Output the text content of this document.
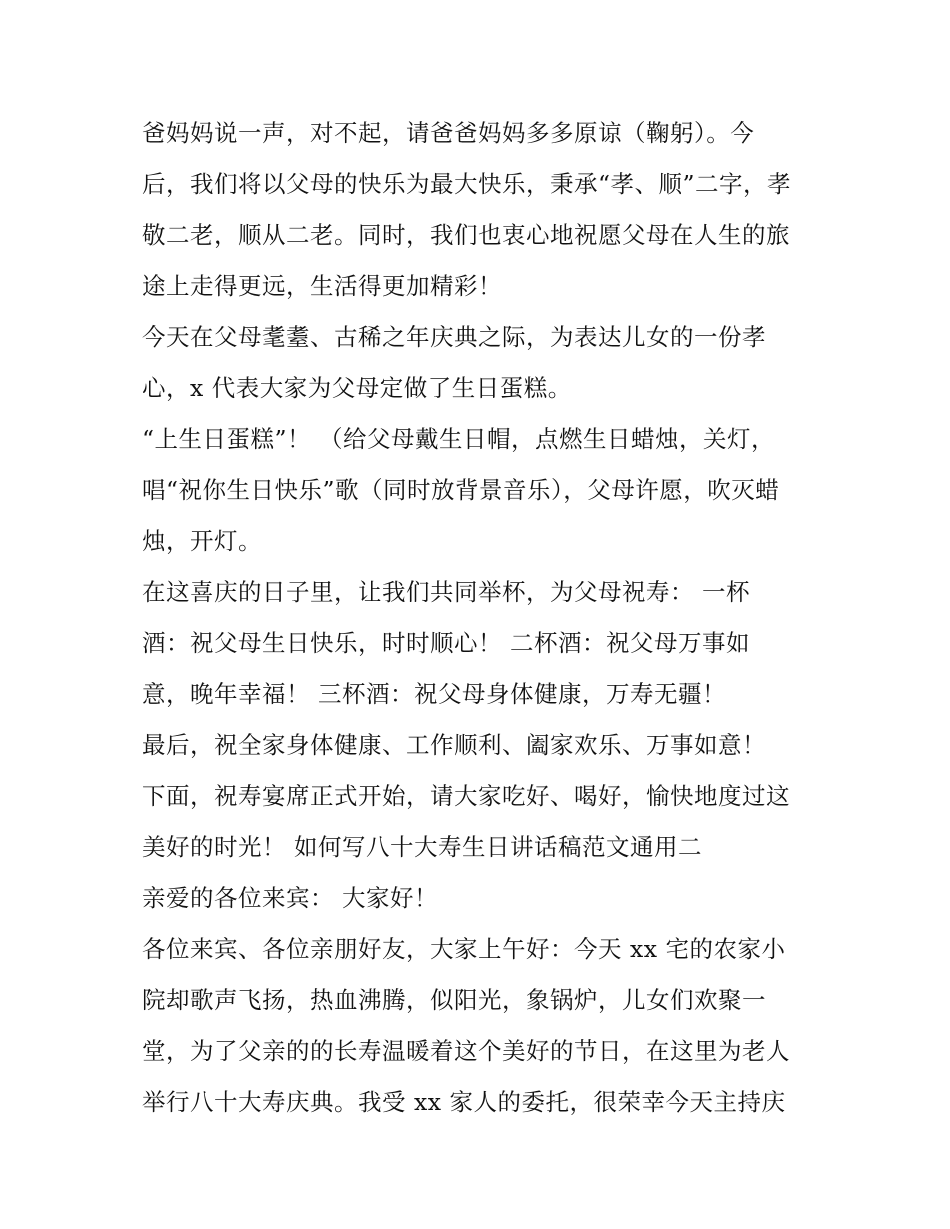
爸妈妈说一声，对不起，请爸爸妈妈多多原谅（鞠躬）。今
后，我们将以父母的快乐为最大快乐，秉承“孝、顺”二字，孝
敬二老，顺从二老。同时，我们也衷心地祝愿父母在人生的旅
途上走得更远，生活得更加精彩！
今天在父母耄耋、古稀之年庆典之际，为表达儿女的一份孝
心，x 代表大家为父母定做了生日蛋糕。
“上生日蛋糕”！ （给父母戴生日帽，点燃生日蜡烛，关灯，
唱“祝你生日快乐”歌（同时放背景音乐），父母许愿，吹灭蜡
烛，开灯。
在这喜庆的日子里，让我们共同举杯，为父母祝寿： 一杯
酒：祝父母生日快乐，时时顺心！ 二杯酒：祝父母万事如
意，晚年幸福！ 三杯酒：祝父母身体健康，万寿无疆！
最后，祝全家身体健康、工作顺利、阖家欢乐、万事如意！
下面，祝寿宴席正式开始，请大家吃好、喝好，愉快地度过这
美好的时光！ 如何写八十大寿生日讲话稿范文通用二
亲爱的各位来宾： 大家好！
各位来宾、各位亲朋好友，大家上午好：今天 xx 宅的农家小
院却歌声飞扬，热血沸腾，似阳光，象锅炉，儿女们欢聚一
堂，为了父亲的的长寿温暖着这个美好的节日，在这里为老人
举行八十大寿庆典。我受 xx 家人的委托，很荣幸今天主持庆
